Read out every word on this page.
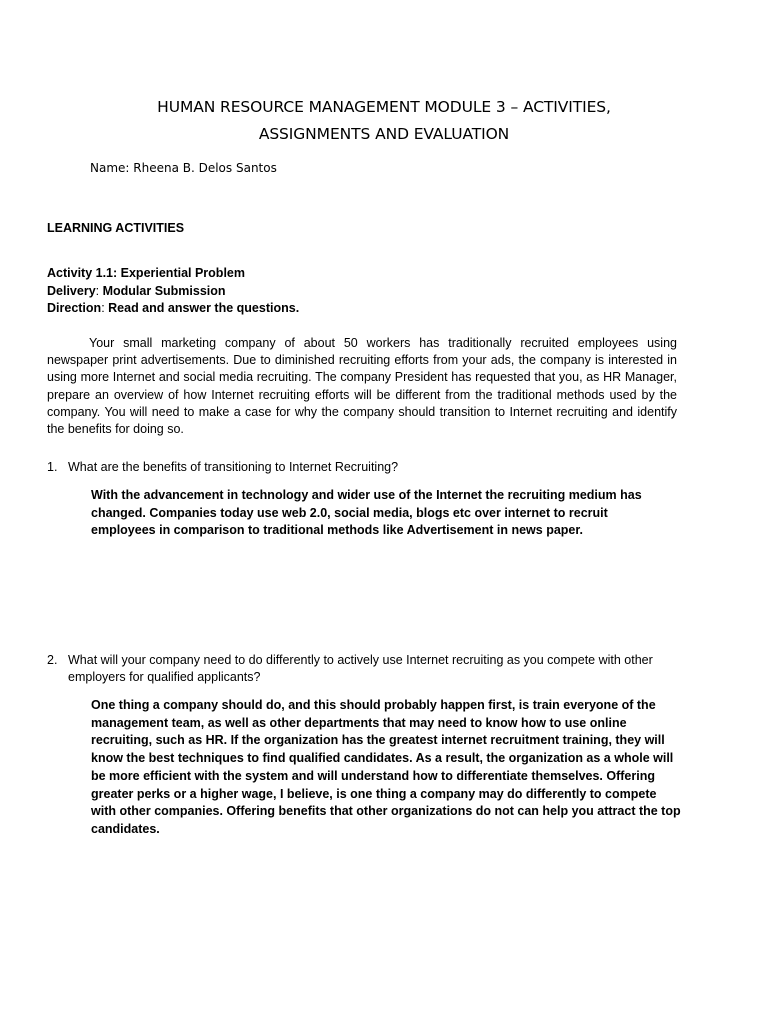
HUMAN RESOURCE MANAGEMENT MODULE 3 – ACTIVITIES,
ASSIGNMENTS AND EVALUATION

Name: Rheena B. Delos Santos

LEARNING ACTIVITIES

Activity 1.1: Experiential Problem
Delivery: Modular Submission
Direction: Read and answer the questions.

Your small marketing company of about 50 workers has traditionally recruited employees using newspaper print advertisements. Due to diminished recruiting efforts from your ads, the company is interested in using more Internet and social media recruiting. The company President has requested that you, as HR Manager, prepare an overview of how Internet recruiting efforts will be different from the traditional methods used by the company. You will need to make a case for why the company should transition to Internet recruiting and identify the benefits for doing so.

1. What are the benefits of transitioning to Internet Recruiting?

With the advancement in technology and wider use of the Internet the recruiting medium has changed. Companies today use web 2.0, social media, blogs etc over internet to recruit employees in comparison to traditional methods like Advertisement in news paper.

2. What will your company need to do differently to actively use Internet recruiting as you compete with other employers for qualified applicants?

One thing a company should do, and this should probably happen first, is train everyone of the management team, as well as other departments that may need to know how to use online recruiting, such as HR. If the organization has the greatest internet recruitment training, they will know the best techniques to find qualified candidates. As a result, the organization as a whole will be more efficient with the system and will understand how to differentiate themselves. Offering greater perks or a higher wage, I believe, is one thing a company may do differently to compete with other companies. Offering benefits that other organizations do not can help you attract the top candidates.
